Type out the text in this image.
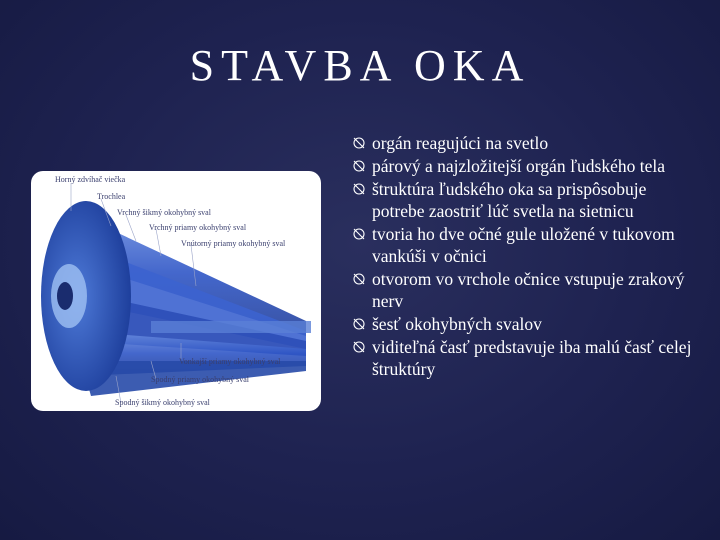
STAVBA OKA
Horný zdvíhač viečka
Trochlea
Vrchný šikmý okohybný sval
Vrchný priamy okohybný sval
Vnútorný priamy okohybný sval
Vonkajší priamy okohybný sval
Spodný priamy okohybný sval
Spodný šikmý okohybný sval
orgán reagujúci na svetlo
párový a najzložitejší orgán ľudského tela
štruktúra ľudského oka sa prispôsobuje potrebe zaostriť lúč svetla na sietnicu
tvoria ho dve očné gule uložené v tukovom vankúši v očnici
otvorom vo vrchole očnice vstupuje zrakový nerv
šesť okohybných svalov
viditeľná časť predstavuje iba malú časť celej štruktúry
